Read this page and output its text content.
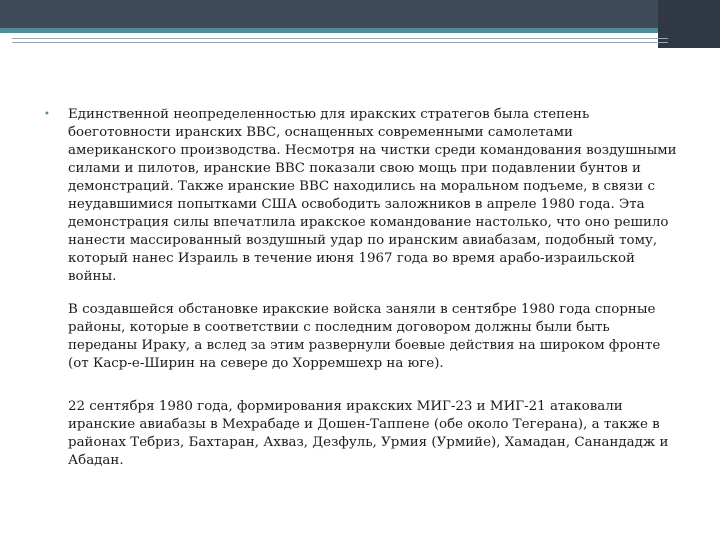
• Единственной неопределенностью для иракских стратегов была степень боеготовности иранских ВВС, оснащенных современными самолетами американского производства. Несмотря на чистки среди командования воздушными силами и пилотов, иранские ВВС показали свою мощь при подавлении бунтов и демонстраций. Также иранские ВВС находились на моральном подъеме, в связи с неудавшимися попытками США освободить заложников в апреле 1980 года. Эта демонстрация силы впечатлила иракское командование настолько, что оно решило нанести массированный воздушный удар по иранским авиабазам, подобный тому, который нанес Израиль в течение июня 1967 года во время арабо-израильской войны.

В создавшейся обстановке иракские войска заняли в сентябре 1980 года спорные районы, которые в соответствии с последним договором должны были быть переданы Ираку, а вслед за этим развернули боевые действия на широком фронте (от Каср-е-Ширин на севере до Хорремшехр на юге).

22 сентября 1980 года, формирования иракских МИГ-23 и МИГ-21 атаковали иранские авиабазы в Мехрабаде и Дошен-Таппене (обе около Тегерана), а также в районах Тебриз, Бахтаран, Ахваз, Дезфуль, Урмия (Урмийе), Хамадан, Санандадж и Абадан.
